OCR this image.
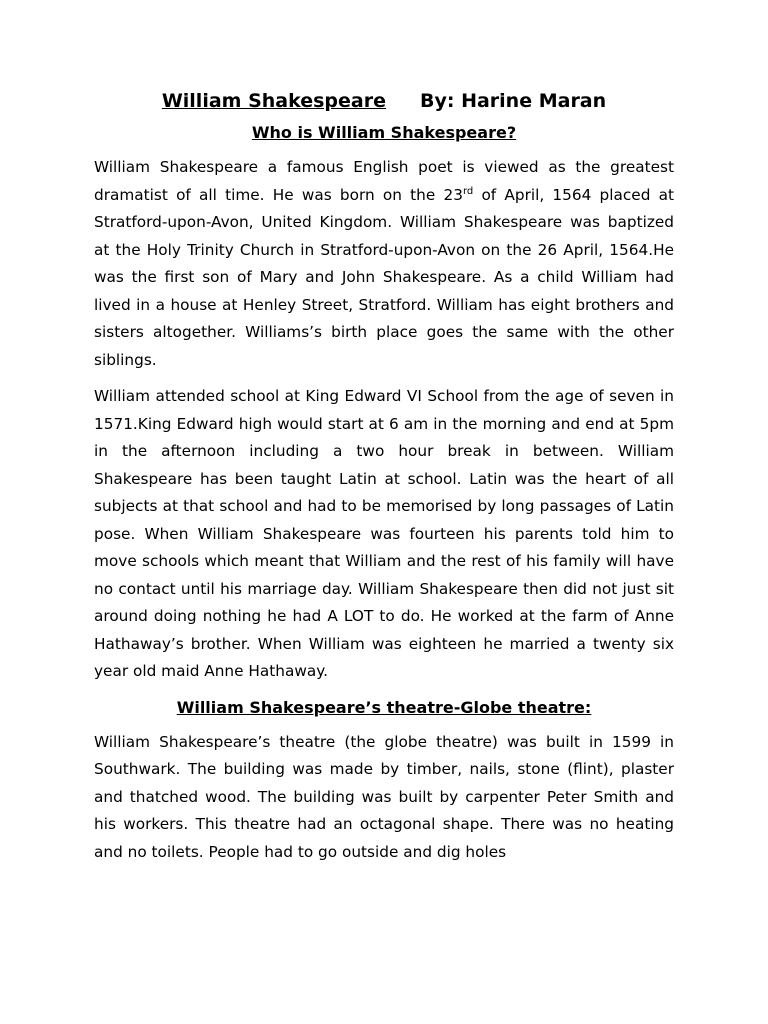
William Shakespeare By: Harine Maran
Who is William Shakespeare?

William Shakespeare a famous English poet is viewed as the greatest dramatist of all time. He was born on the 23rd of April, 1564 placed at Stratford-upon-Avon, United Kingdom. William Shakespeare was baptized at the Holy Trinity Church in Stratford-upon-Avon on the 26 April, 1564.He was the first son of Mary and John Shakespeare. As a child William had lived in a house at Henley Street, Stratford. William has eight brothers and sisters altogether. Williams’s birth place goes the same with the other siblings.

William attended school at King Edward VI School from the age of seven in 1571.King Edward high would start at 6 am in the morning and end at 5pm in the afternoon including a two hour break in between. William Shakespeare has been taught Latin at school. Latin was the heart of all subjects at that school and had to be memorised by long passages of Latin pose. When William Shakespeare was fourteen his parents told him to move schools which meant that William and the rest of his family will have no contact until his marriage day. William Shakespeare then did not just sit around doing nothing he had A LOT to do. He worked at the farm of Anne Hathaway’s brother. When William was eighteen he married a twenty six year old maid Anne Hathaway.

William Shakespeare’s theatre-Globe theatre:

William Shakespeare’s theatre (the globe theatre) was built in 1599 in Southwark. The building was made by timber, nails, stone (flint), plaster and thatched wood. The building was built by carpenter Peter Smith and his workers. This theatre had an octagonal shape. There was no heating and no toilets. People had to go outside and dig holes
